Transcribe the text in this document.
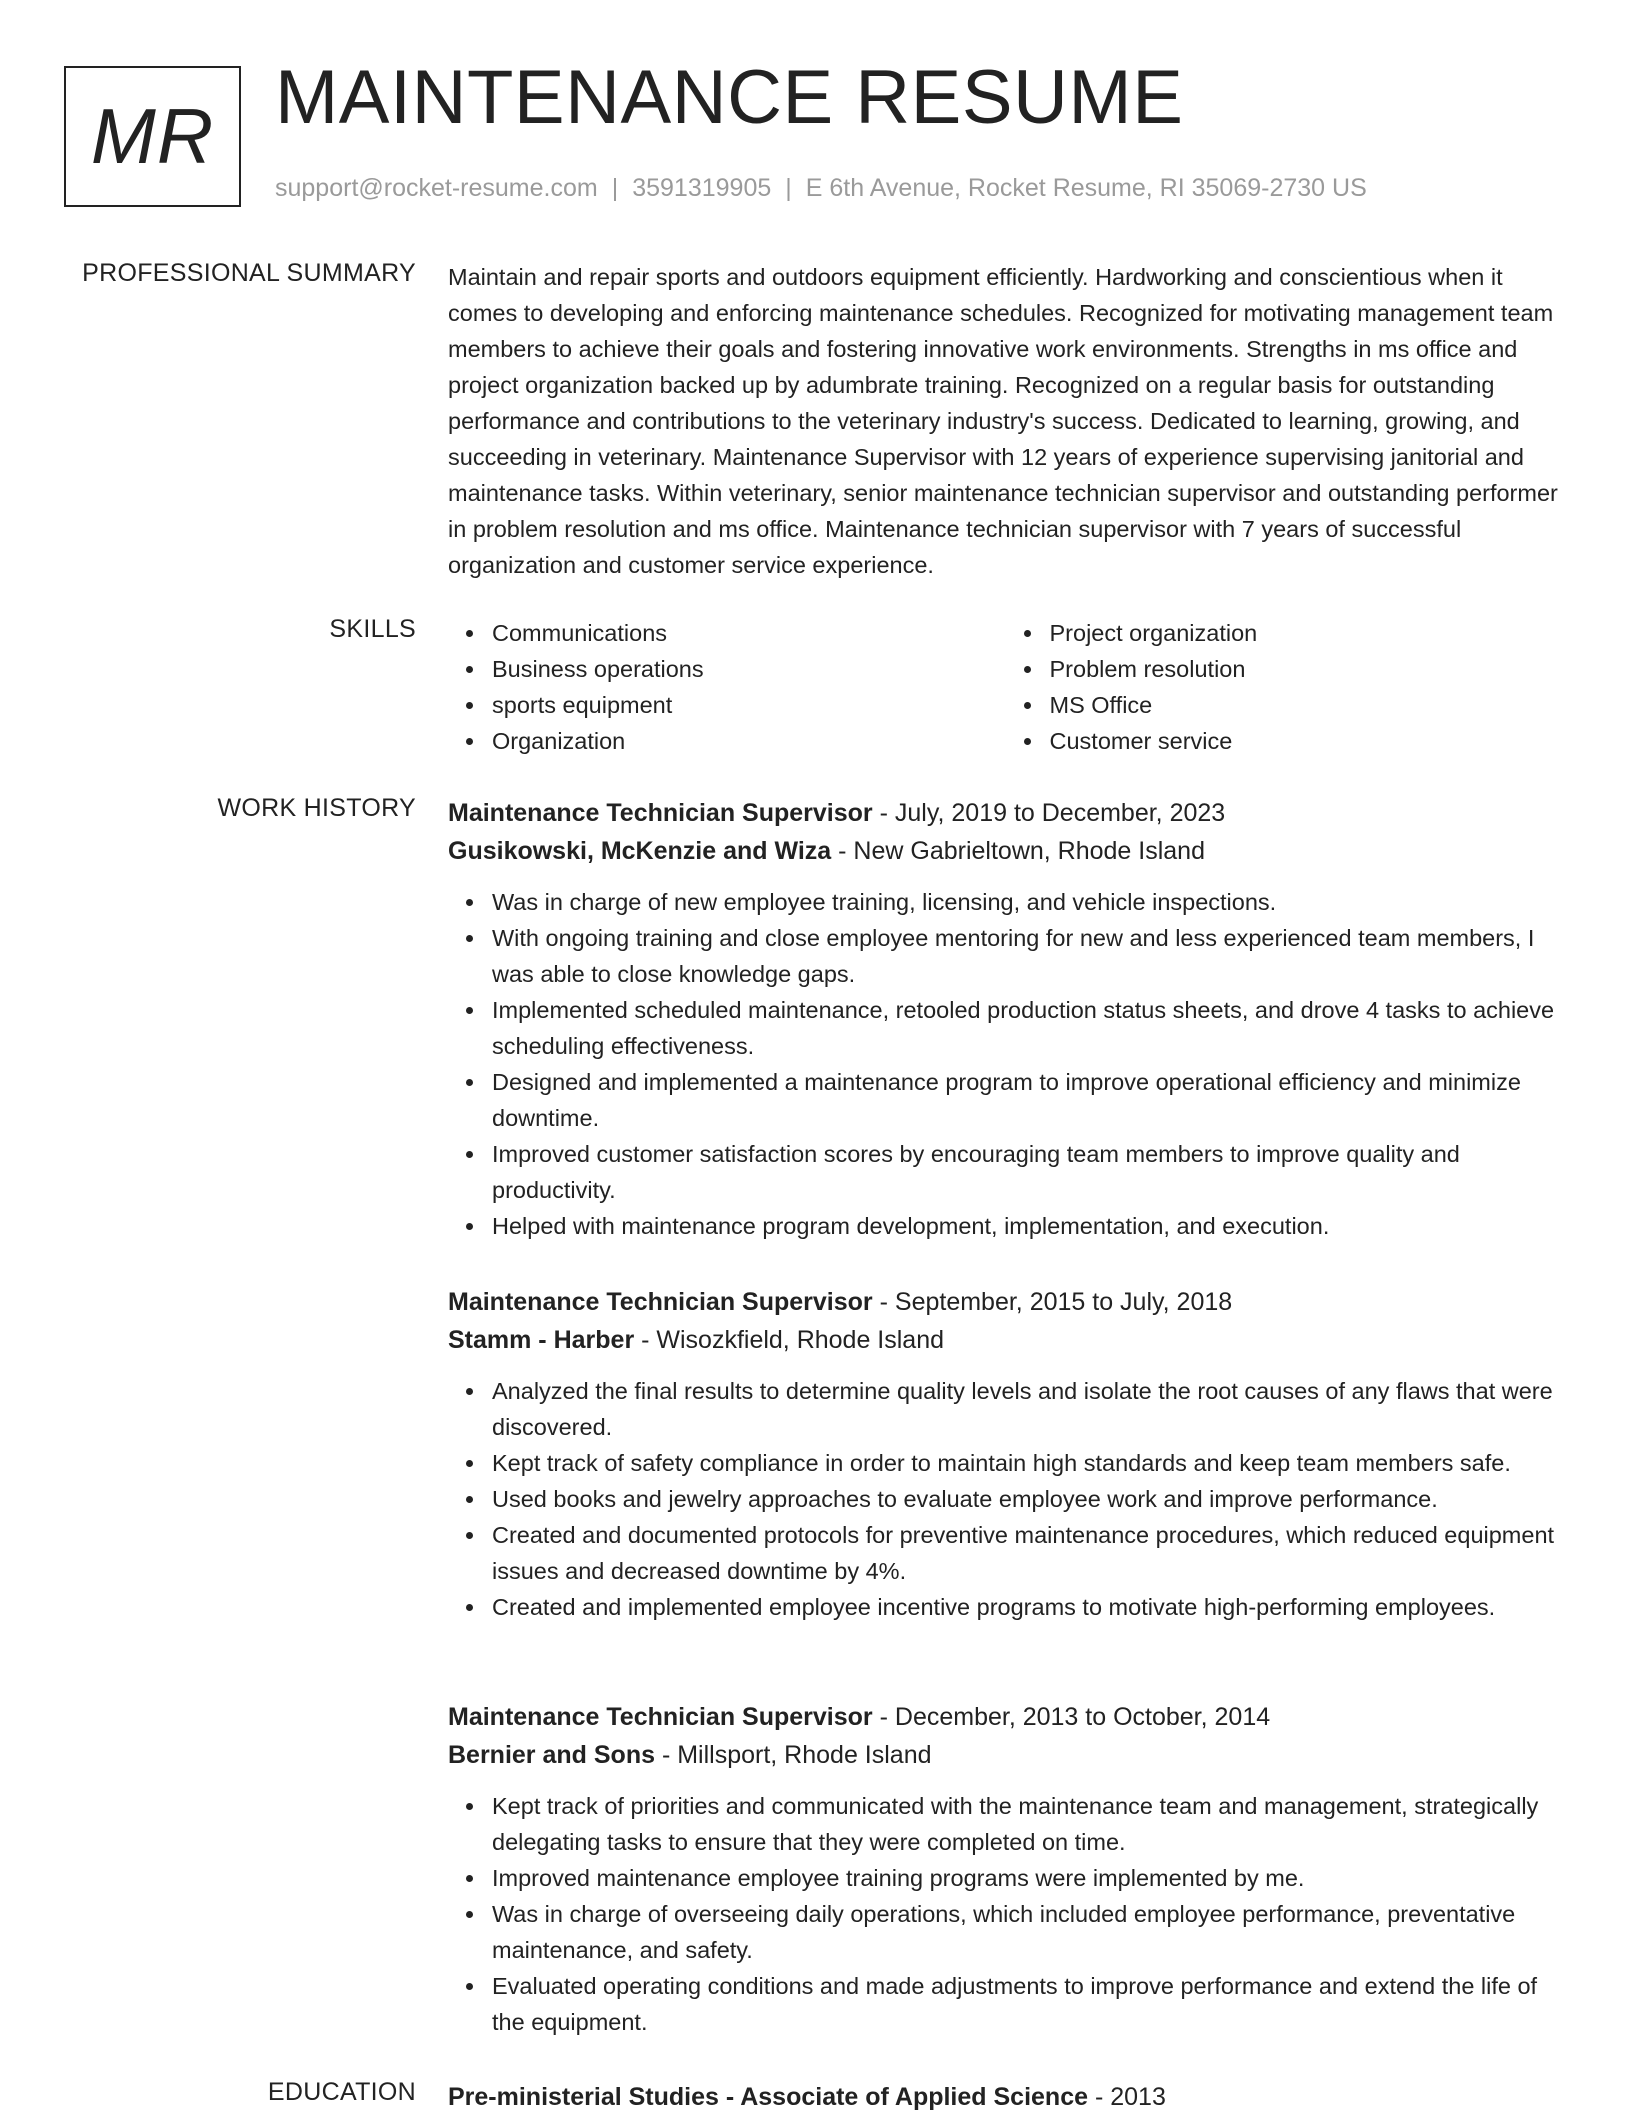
MR MAINTENANCE RESUME
support@rocket-resume.com | 3591319905 | E 6th Avenue, Rocket Resume, RI 35069-2730 US
PROFESSIONAL SUMMARY Maintain and repair sports and outdoors equipment efficiently. Hardworking and conscientious when it comes to developing and enforcing maintenance schedules. Recognized for motivating management team members to achieve their goals and fostering innovative work environments. Strengths in ms office and project organization backed up by adumbrate training. Recognized on a regular basis for outstanding performance and contributions to the veterinary industry's success. Dedicated to learning, growing, and succeeding in veterinary. Maintenance Supervisor with 12 years of experience supervising janitorial and maintenance tasks. Within veterinary, senior maintenance technician supervisor and outstanding performer in problem resolution and ms office. Maintenance technician supervisor with 7 years of successful organization and customer service experience.

SKILLS	Communications
Business operations
sports equipment
Organization
Project organization
Problem resolution
MS Office
Customer service
WORK HISTORY Maintenance Technician Supervisor - July, 2019 to December, 2023
Gusikowski, McKenzie and Wiza - New Gabrieltown, Rhode Island
Was in charge of new employee training, licensing, and vehicle inspections.
With ongoing training and close employee mentoring for new and less experienced team members, I was able to close knowledge gaps.
Implemented scheduled maintenance, retooled production status sheets, and drove 4 tasks to achieve scheduling effectiveness.
Designed and implemented a maintenance program to improve operational efficiency and minimize downtime.
Improved customer satisfaction scores by encouraging team members to improve quality and productivity.
Helped with maintenance program development, implementation, and execution.
Maintenance Technician Supervisor - September, 2015 to July, 2018
Stamm - Harber - Wisozkfield, Rhode Island
Analyzed the final results to determine quality levels and isolate the root causes of any flaws that were discovered.
Kept track of safety compliance in order to maintain high standards and keep team members safe.
Used books and jewelry approaches to evaluate employee work and improve performance.
Created and documented protocols for preventive maintenance procedures, which reduced equipment issues and decreased downtime by 4%.
Created and implemented employee incentive programs to motivate high-performing employees.
Maintenance Technician Supervisor - December, 2013 to October, 2014
Bernier and Sons - Millsport, Rhode Island
Kept track of priorities and communicated with the maintenance team and management, strategically delegating tasks to ensure that they were completed on time.
Improved maintenance employee training programs were implemented by me.
Was in charge of overseeing daily operations, which included employee performance, preventative maintenance, and safety.
Evaluated operating conditions and made adjustments to improve performance and extend the life of the equipment.
EDUCATION Pre-ministerial Studies - Associate of Applied Science - 2013
